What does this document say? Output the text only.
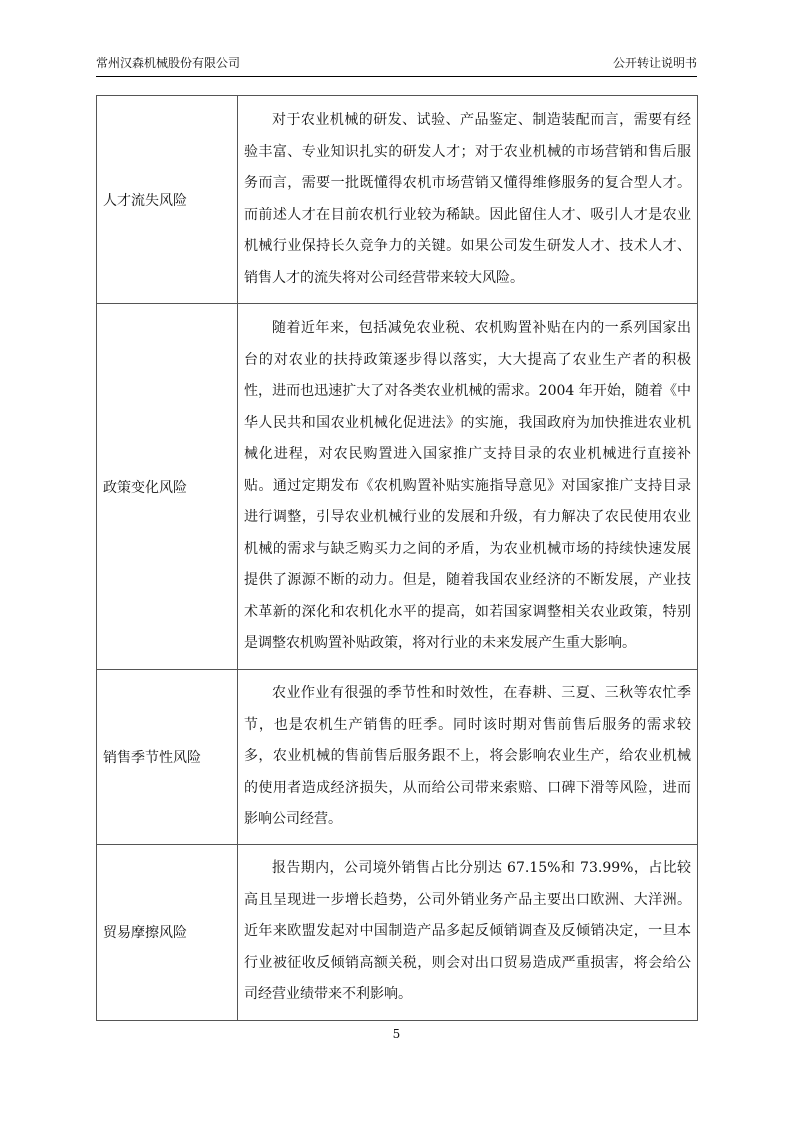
常州汉森机械股份有限公司	公开转让说明书
人才流失风险	对于农业机械的研发、试验、产品鉴定、制造装配而言，需要有经验丰富、专业知识扎实的研发人才；对于农业机械的市场营销和售后服务而言，需要一批既懂得农机市场营销又懂得维修服务的复合型人才。而前述人才在目前农机行业较为稀缺。因此留住人才、吸引人才是农业机械行业保持长久竞争力的关键。如果公司发生研发人才、技术人才、销售人才的流失将对公司经营带来较大风险。

政策变化风险	随着近年来，包括减免农业税、农机购置补贴在内的一系列国家出台的对农业的扶持政策逐步得以落实，大大提高了农业生产者的积极性，进而也迅速扩大了对各类农业机械的需求。2004 年开始，随着《中华人民共和国农业机械化促进法》的实施，我国政府为加快推进农业机械化进程，对农民购置进入国家推广支持目录的农业机械进行直接补贴。通过定期发布《农机购置补贴实施指导意见》对国家推广支持目录进行调整，引导农业机械行业的发展和升级，有力解决了农民使用农业机械的需求与缺乏购买力之间的矛盾，为农业机械市场的持续快速发展提供了源源不断的动力。但是，随着我国农业经济的不断发展，产业技术革新的深化和农机化水平的提高，如若国家调整相关农业政策，特别是调整农机购置补贴政策，将对行业的未来发展产生重大影响。

销售季节性风险	农业作业有很强的季节性和时效性，在春耕、三夏、三秋等农忙季节，也是农机生产销售的旺季。同时该时期对售前售后服务的需求较多，农业机械的售前售后服务跟不上，将会影响农业生产，给农业机械的使用者造成经济损失，从而给公司带来索赔、口碑下滑等风险，进而影响公司经营。

贸易摩擦风险	报告期内，公司境外销售占比分别达 67.15%和 73.99%，占比较高且呈现进一步增长趋势，公司外销业务产品主要出口欧洲、大洋洲。近年来欧盟发起对中国制造产品多起反倾销调查及反倾销决定，一旦本行业被征收反倾销高额关税，则会对出口贸易造成严重损害，将会给公司经营业绩带来不利影响。

5
